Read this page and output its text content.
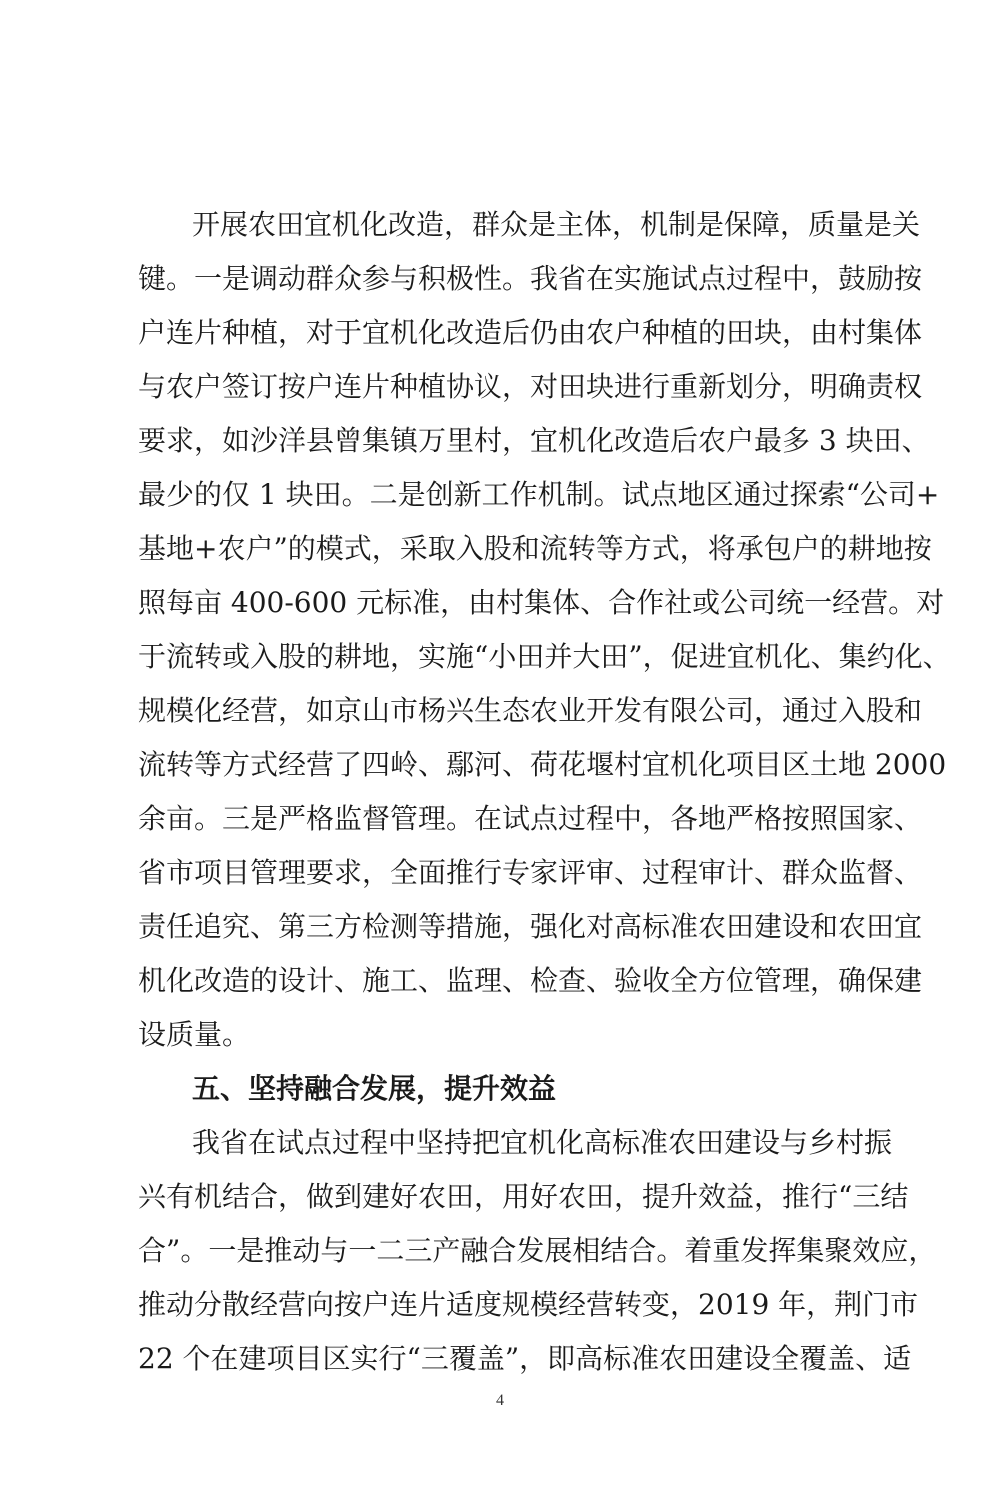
开展农田宜机化改造，群众是主体，机制是保障，质量是关
键。一是调动群众参与积极性。我省在实施试点过程中，鼓励按
户连片种植，对于宜机化改造后仍由农户种植的田块，由村集体
与农户签订按户连片种植协议，对田块进行重新划分，明确责权
要求，如沙洋县曾集镇万里村，宜机化改造后农户最多 3 块田、
最少的仅 1 块田。二是创新工作机制。试点地区通过探索“公司+
基地+农户”的模式，采取入股和流转等方式，将承包户的耕地按
照每亩 400-600 元标准，由村集体、合作社或公司统一经营。对
于流转或入股的耕地，实施“小田并大田”，促进宜机化、集约化、
规模化经营，如京山市杨兴生态农业开发有限公司，通过入股和
流转等方式经营了四岭、鄢河、荷花堰村宜机化项目区土地 2000
余亩。三是严格监督管理。在试点过程中，各地严格按照国家、
省市项目管理要求，全面推行专家评审、过程审计、群众监督、
责任追究、第三方检测等措施，强化对高标准农田建设和农田宜
机化改造的设计、施工、监理、检查、验收全方位管理，确保建
设质量。
五、坚持融合发展，提升效益
我省在试点过程中坚持把宜机化高标准农田建设与乡村振
兴有机结合，做到建好农田，用好农田，提升效益，推行“三结
合”。一是推动与一二三产融合发展相结合。着重发挥集聚效应，
推动分散经营向按户连片适度规模经营转变，2019 年，荆门市
22 个在建项目区实行“三覆盖”，即高标准农田建设全覆盖、适
4
